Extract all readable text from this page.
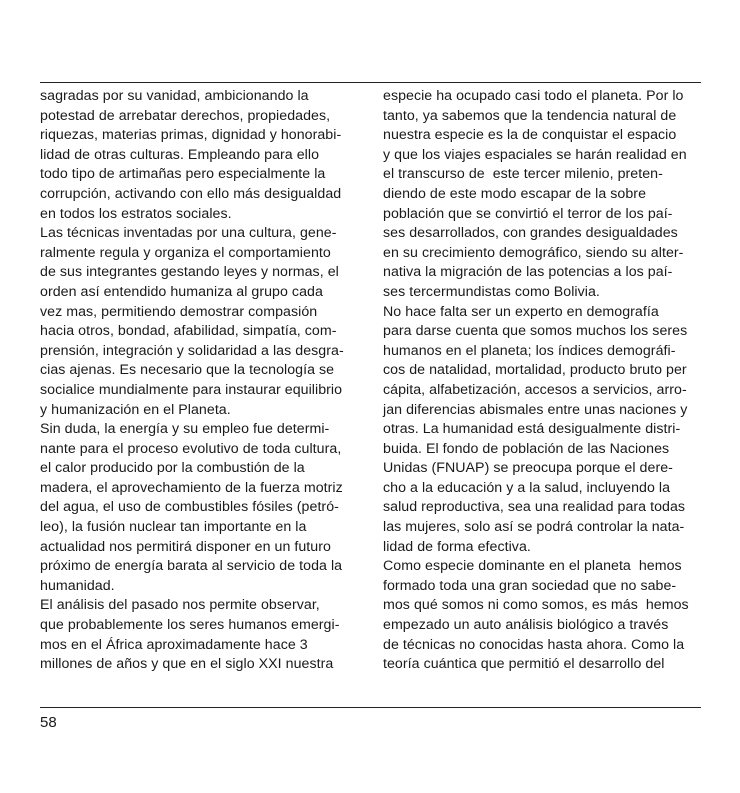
sagradas por su vanidad, ambicionando la
potestad de arrebatar derechos, propiedades,
riquezas, materias primas, dignidad y honorabi-
lidad de otras culturas. Empleando para ello
todo tipo de artimañas pero especialmente la
corrupción, activando con ello más desigualdad
en todos los estratos sociales.
Las técnicas inventadas por una cultura, gene-
ralmente regula y organiza el comportamiento
de sus integrantes gestando leyes y normas, el
orden así entendido humaniza al grupo cada
vez mas, permitiendo demostrar compasión
hacia otros, bondad, afabilidad, simpatía, com-
prensión, integración y solidaridad a las desgra-
cias ajenas. Es necesario que la tecnología se
socialice mundialmente para instaurar equilibrio
y humanización en el Planeta.
Sin duda, la energía y su empleo fue determi-
nante para el proceso evolutivo de toda cultura,
el calor producido por la combustión de la
madera, el aprovechamiento de la fuerza motriz
del agua, el uso de combustibles fósiles (petró-
leo), la fusión nuclear tan importante en la
actualidad nos permitirá disponer en un futuro
próximo de energía barata al servicio de toda la
humanidad.
El análisis del pasado nos permite observar,
que probablemente los seres humanos emergi-
mos en el África aproximadamente hace 3
millones de años y que en el siglo XXI nuestra
especie ha ocupado casi todo el planeta. Por lo
tanto, ya sabemos que la tendencia natural de
nuestra especie es la de conquistar el espacio
y que los viajes espaciales se harán realidad en
el transcurso de  este tercer milenio, preten-
diendo de este modo escapar de la sobre
población que se convirtió el terror de los paí-
ses desarrollados, con grandes desigualdades
en su crecimiento demográfico, siendo su alter-
nativa la migración de las potencias a los paí-
ses tercermundistas como Bolivia.
No hace falta ser un experto en demografía
para darse cuenta que somos muchos los seres
humanos en el planeta; los índices demográfi-
cos de natalidad, mortalidad, producto bruto per
cápita, alfabetización, accesos a servicios, arro-
jan diferencias abismales entre unas naciones y
otras. La humanidad está desigualmente distri-
buida. El fondo de población de las Naciones
Unidas (FNUAP) se preocupa porque el dere-
cho a la educación y a la salud, incluyendo la
salud reproductiva, sea una realidad para todas
las mujeres, solo así se podrá controlar la nata-
lidad de forma efectiva.
Como especie dominante en el planeta  hemos
formado toda una gran sociedad que no sabe-
mos qué somos ni como somos, es más  hemos
empezado un auto análisis biológico a través
de técnicas no conocidas hasta ahora. Como la
teoría cuántica que permitió el desarrollo del
58
